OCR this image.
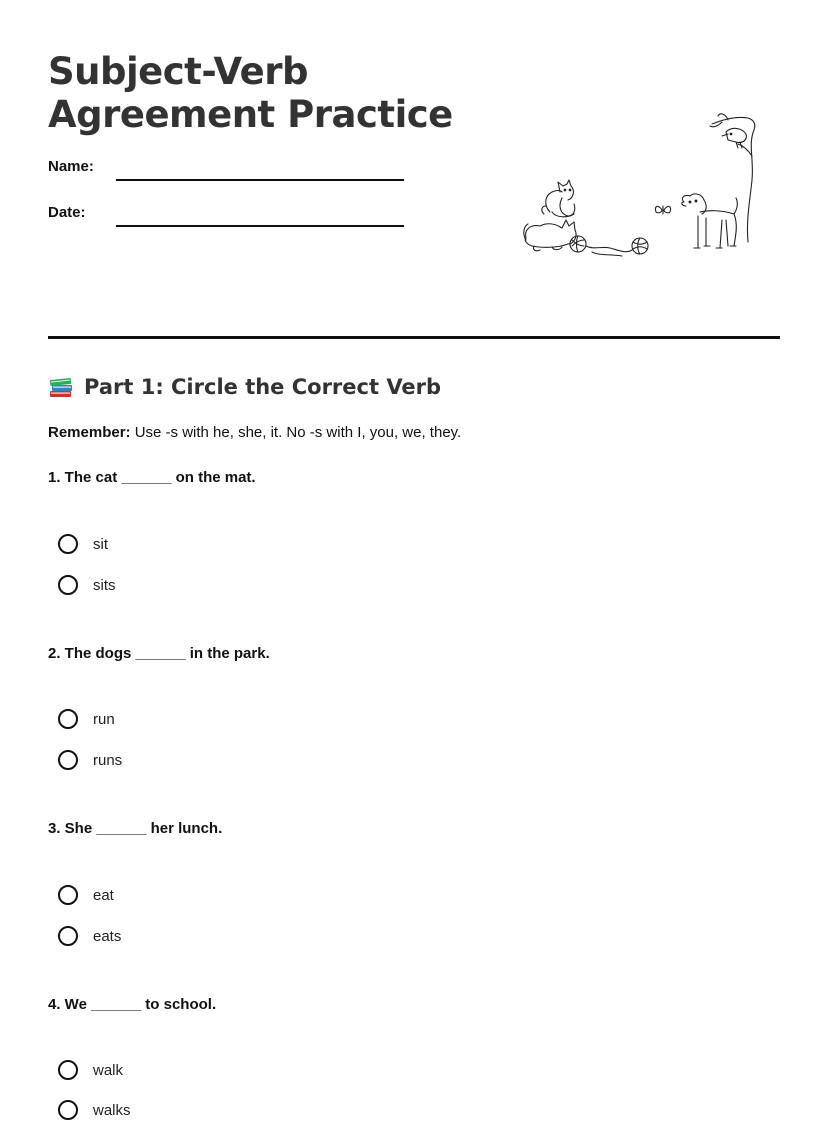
Subject-Verb
Agreement Practice
Name:
Date:
Part 1: Circle the Correct Verb
Remember: Use -s with he, she, it. No -s with I, you, we, they.
1. The cat ______ on the mat.
sit
sits
2. The dogs ______ in the park.
run
runs
3. She ______ her lunch.
eat
eats
4. We ______ to school.
walk
walks
